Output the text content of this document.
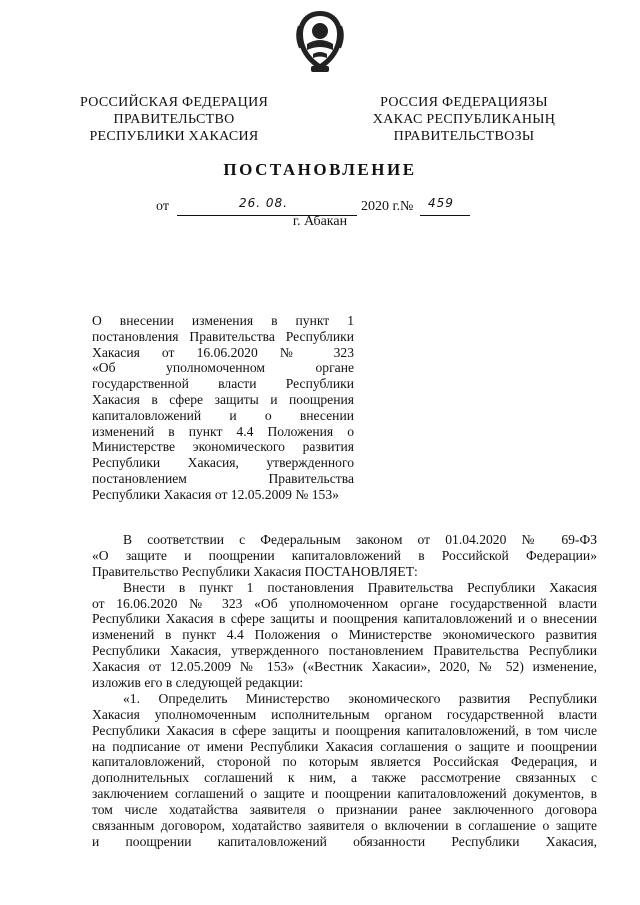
РОССИЙСКАЯ ФЕДЕРАЦИЯ
ПРАВИТЕЛЬСТВО
РЕСПУБЛИКИ ХАКАСИЯ
РОССИЯ ФЕДЕРАЦИЯЗЫ
ХАКАС РЕСПУБЛИКАНЫҢ
ПРАВИТЕЛЬСТВОЗЫ
ПОСТАНОВЛЕНИЕ
от	26. 08.	2020 г. № 459
г. Абакан
О внесении изменения в пункт 1
постановления Правительства Республики
Хакасия от 16.06.2020 № 323
«Об уполномоченном органе
государственной власти Республики
Хакасия в сфере защиты и поощрения
капиталовложений и о внесении
изменений в пункт 4.4 Положения о
Министерстве экономического развития
Республики Хакасия, утвержденного
постановлением Правительства
Республики Хакасия от 12.05.2009 № 153»
В соответствии с Федеральным законом от 01.04.2020 № 69-ФЗ
«О защите и поощрении капиталовложений в Российской Федерации»
Правительство Республики Хакасия ПОСТАНОВЛЯЕТ:
Внести в пункт 1 постановления Правительства Республики Хакасия
от 16.06.2020 № 323 «Об уполномоченном органе государственной власти
Республики Хакасия в сфере защиты и поощрения капиталовложений и о внесении
изменений в пункт 4.4 Положения о Министерстве экономического развития
Республики Хакасия, утвержденного постановлением Правительства Республики
Хакасия от 12.05.2009 № 153» («Вестник Хакасии», 2020, № 52) изменение,
изложив его в следующей редакции:
«1. Определить Министерство экономического развития Республики
Хакасия уполномоченным исполнительным органом государственной власти
Республики Хакасия в сфере защиты и поощрения капиталовложений, в том числе
на подписание от имени Республики Хакасия соглашения о защите и поощрении
капиталовложений, стороной по которым является Российская Федерация, и
дополнительных соглашений к ним, а также рассмотрение связанных с
заключением соглашений о защите и поощрении капиталовложений документов, в
том числе ходатайства заявителя о признании ранее заключенного договора
связанным договором, ходатайство заявителя о включении в соглашение о защите
и поощрении капиталовложений обязанности Республики Хакасия,
